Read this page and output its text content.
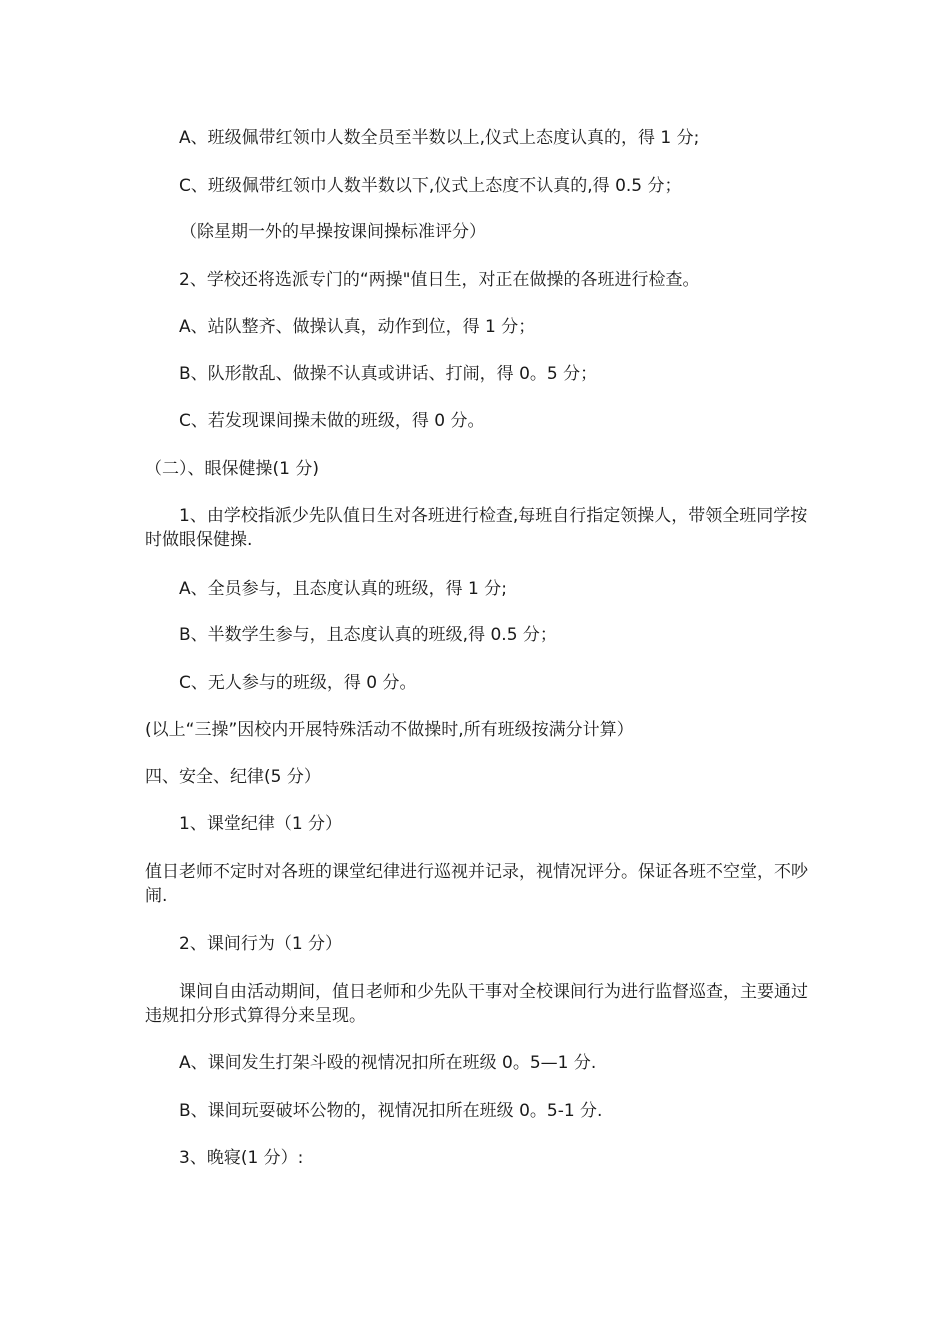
A、班级佩带红领巾人数全员至半数以上,仪式上态度认真的，得 1 分;

C、班级佩带红领巾人数半数以下,仪式上态度不认真的,得 0.5 分；

（除星期一外的早操按课间操标准评分）

2、学校还将选派专门的“两操"值日生，对正在做操的各班进行检查。

A、站队整齐、做操认真，动作到位，得 1 分；

B、队形散乱、做操不认真或讲话、打闹，得 0。5 分；

C、若发现课间操未做的班级，得 0 分。

（二）、眼保健操(1 分)

1、由学校指派少先队值日生对各班进行检查,每班自行指定领操人，带领全班同学按时做眼保健操.

A、全员参与，且态度认真的班级，得 1 分;

B、半数学生参与，且态度认真的班级,得 0.5 分；

C、无人参与的班级，得 0 分。

(以上“三操”因校内开展特殊活动不做操时,所有班级按满分计算）

四、安全、纪律(5 分）

1、课堂纪律（1 分）

值日老师不定时对各班的课堂纪律进行巡视并记录，视情况评分。保证各班不空堂，不吵闹.

2、课间行为（1 分）

课间自由活动期间，值日老师和少先队干事对全校课间行为进行监督巡查，主要通过违规扣分形式算得分来呈现。

A、课间发生打架斗殴的视情况扣所在班级 0。5—1 分.

B、课间玩耍破坏公物的，视情况扣所在班级 0。5-1 分.

3、晚寝(1 分）:
